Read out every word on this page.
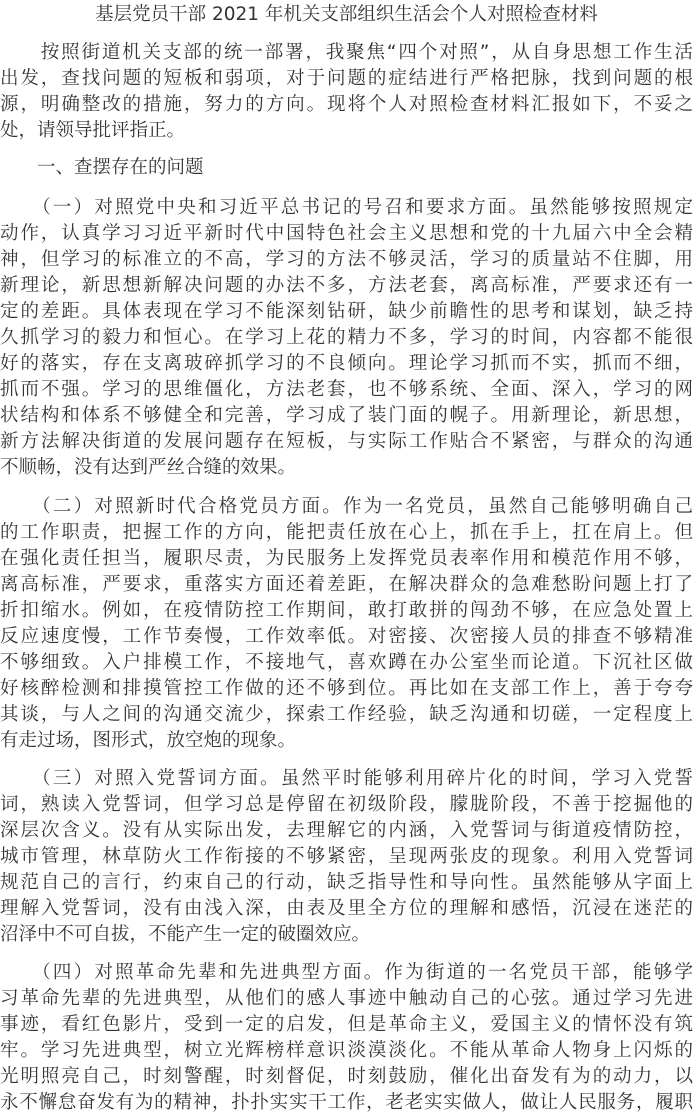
基层党员干部 2021 年机关支部组织生活会个人对照检查材料

　　按照街道机关支部的统一部署，我聚焦“四个对照”，从自身思想工作生活

出发，查找问题的短板和弱项，对于问题的症结进行严格把脉，找到问题的根

源，明确整改的措施，努力的方向。现将个人对照检查材料汇报如下，不妥之

处，请领导批评指正。

　　一、查摆存在的问题

　　（一）对照党中央和习近平总书记的号召和要求方面。虽然能够按照规定

动作，认真学习习近平新时代中国特色社会主义思想和党的十九届六中全会精

神，但学习的标准立的不高，学习的方法不够灵活，学习的质量站不住脚，用

新理论，新思想新解决问题的办法不多，方法老套，离高标准，严要求还有一

定的差距。具体表现在学习不能深刻钻研，缺少前瞻性的思考和谋划，缺乏持

久抓学习的毅力和恒心。在学习上花的精力不多，学习的时间，内容都不能很

好的落实，存在支离玻碎抓学习的不良倾向。理论学习抓而不实，抓而不细，

抓而不强。学习的思维僵化，方法老套，也不够系统、全面、深入，学习的网

状结构和体系不够健全和完善，学习成了装门面的幌子。用新理论，新思想，

新方法解决街道的发展问题存在短板，与实际工作贴合不紧密，与群众的沟通

不顺畅，没有达到严丝合缝的效果。

　　（二）对照新时代合格党员方面。作为一名党员，虽然自己能够明确自己

的工作职责，把握工作的方向，能把责任放在心上，抓在手上，扛在肩上。但

在强化责任担当，履职尽责，为民服务上发挥党员表率作用和模范作用不够，

离高标准，严要求，重落实方面还着差距，在解决群众的急难愁盼问题上打了

折扣缩水。例如，在疫情防控工作期间，敢打敢拼的闯劲不够，在应急处置上

反应速度慢，工作节奏慢，工作效率低。对密接、次密接人员的排查不够精准

不够细致。入户排模工作，不接地气，喜欢蹲在办公室坐而论道。下沉社区做

好核醉检测和排摸管控工作做的还不够到位。再比如在支部工作上，善于夸夸

其谈，与人之间的沟通交流少，探索工作经验，缺乏沟通和切磋，一定程度上

有走过场，图形式，放空炮的现象。

　　（三）对照入党誓词方面。虽然平时能够利用碎片化的时间，学习入党誓

词，熟读入党誓词，但学习总是停留在初级阶段，朦胧阶段，不善于挖掘他的

深层次含义。没有从实际出发，去理解它的内涵，入党誓词与街道疫情防控，

城市管理，林草防火工作衔接的不够紧密，呈现两张皮的现象。利用入党誓词

规范自己的言行，约束自己的行动，缺乏指导性和导向性。虽然能够从字面上

理解入党誓词，没有由浅入深，由表及里全方位的理解和感悟，沉浸在迷茫的

沼泽中不可自拔，不能产生一定的破圈效应。

　　（四）对照革命先辈和先进典型方面。作为街道的一名党员干部，能够学

习革命先辈的先进典型，从他们的感人事迹中触动自己的心弦。通过学习先进

事迹，看红色影片，受到一定的启发，但是革命主义，爱国主义的情怀没有筑

牢。学习先进典型，树立光辉榜样意识淡漠淡化。不能从革命人物身上闪烁的

光明照亮自己，时刻警醒，时刻督促，时刻鼓励，催化出奋发有为的动力，以

永不懈怠奋发有为的精神，扑扑实实干工作，老老实实做人，做让人民服务，履职
